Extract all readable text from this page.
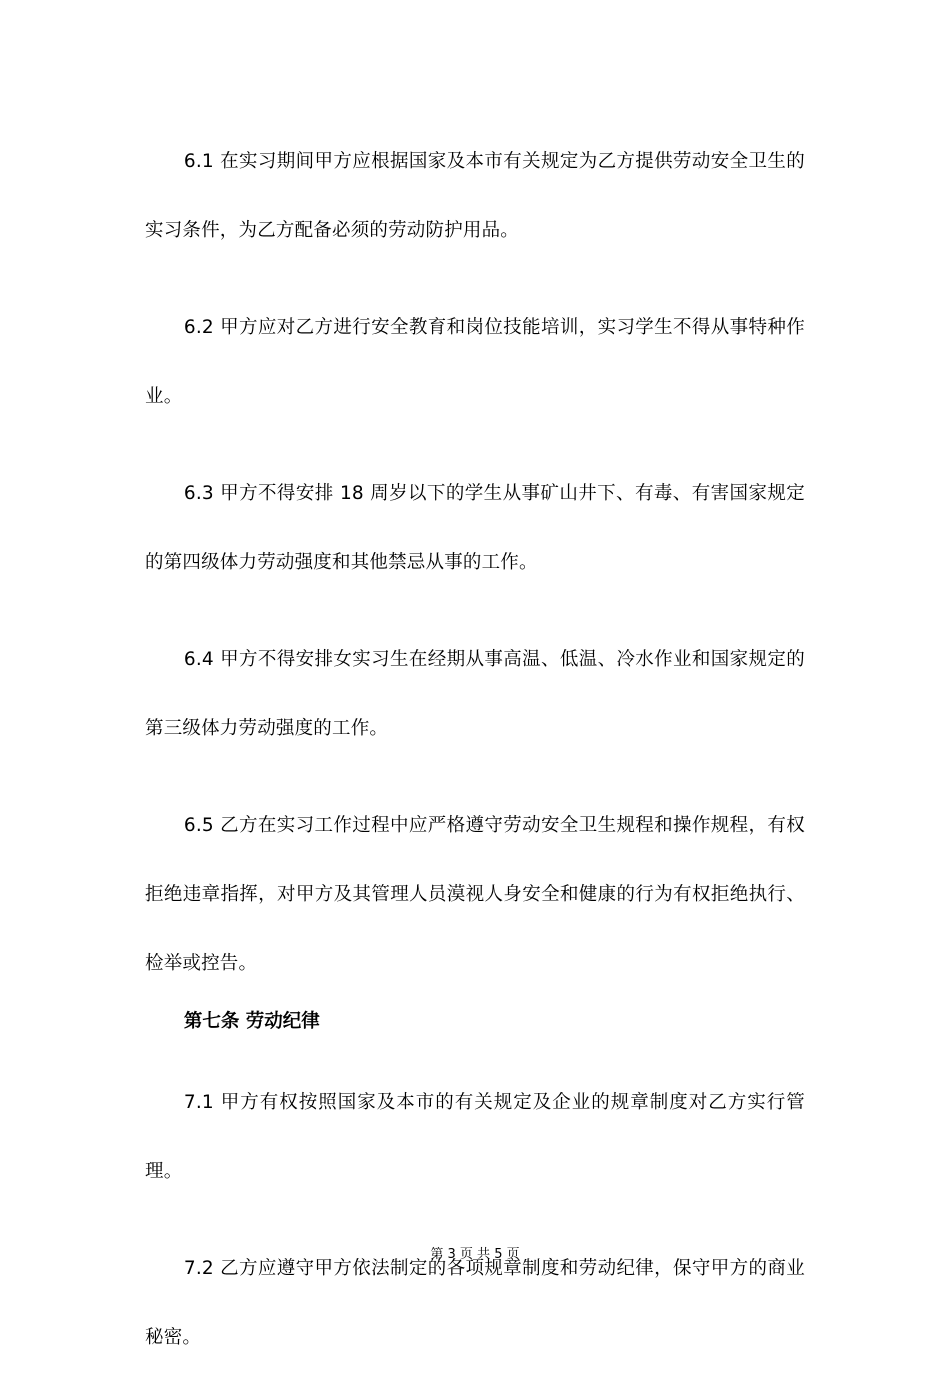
6.1 在实习期间甲方应根据国家及本市有关规定为乙方提供劳动安全卫生的实习条件，为乙方配备必须的劳动防护用品。

6.2 甲方应对乙方进行安全教育和岗位技能培训，实习学生不得从事特种作业。

6.3 甲方不得安排 18 周岁以下的学生从事矿山井下、有毒、有害国家规定的第四级体力劳动强度和其他禁忌从事的工作。

6.4 甲方不得安排女实习生在经期从事高温、低温、冷水作业和国家规定的第三级体力劳动强度的工作。

6.5 乙方在实习工作过程中应严格遵守劳动安全卫生规程和操作规程，有权拒绝违章指挥，对甲方及其管理人员漠视人身安全和健康的行为有权拒绝执行、检举或控告。

第七条 劳动纪律

7.1 甲方有权按照国家及本市的有关规定及企业的规章制度对乙方实行管理。

7.2 乙方应遵守甲方依法制定的各项规章制度和劳动纪律，保守甲方的商业秘密。

第 3 页 共 5 页
